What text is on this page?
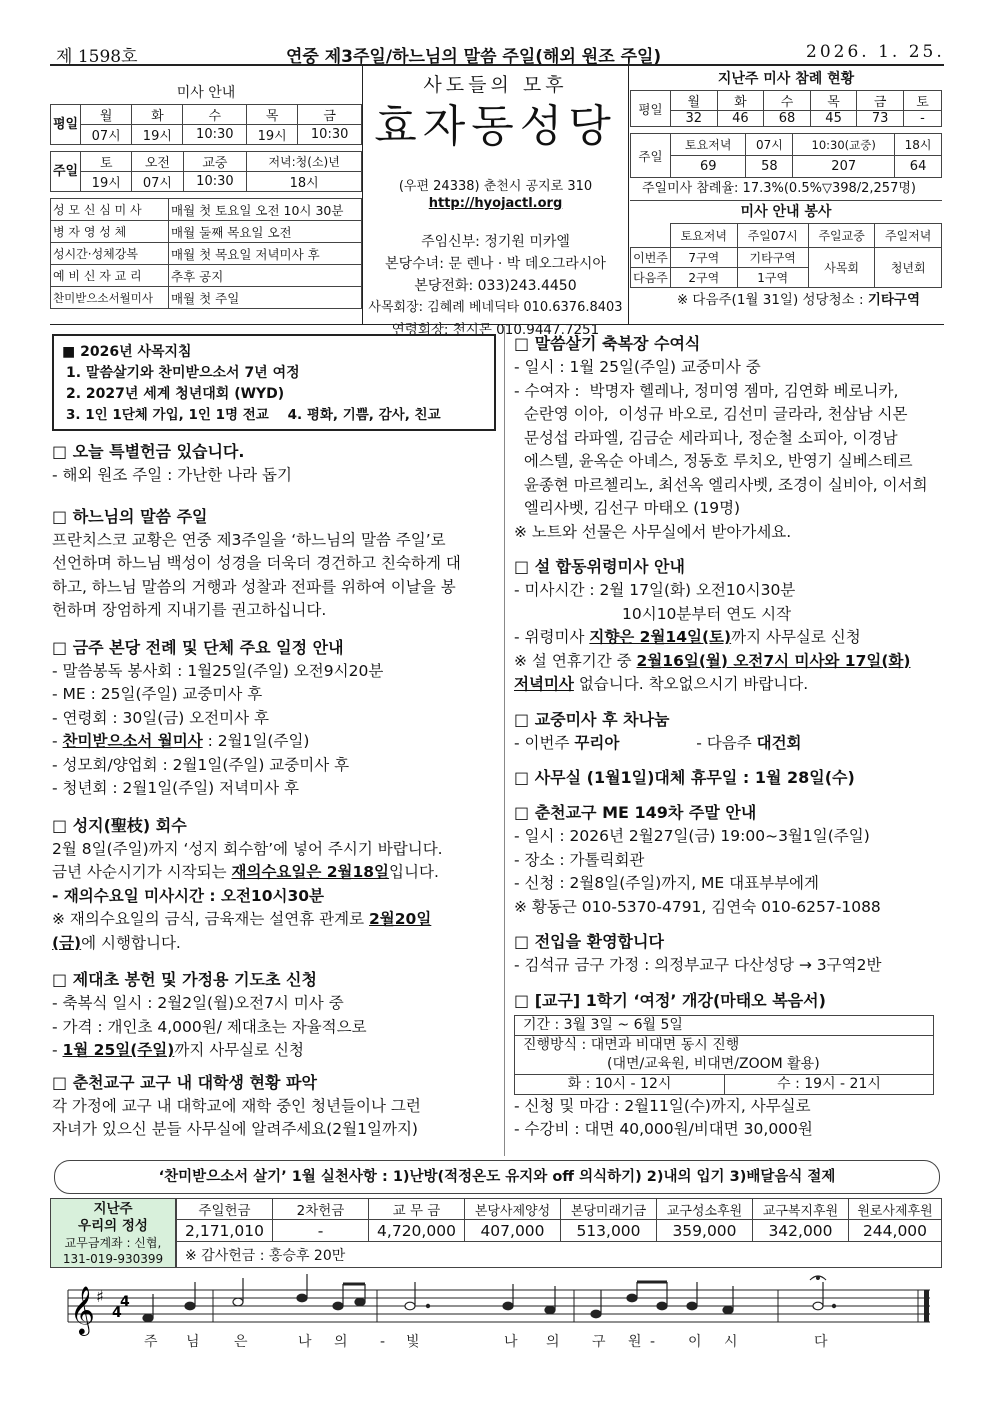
제 1598호	연중 제3주일/하느님의 말씀 주일(해외 원조 주일)	2026. 1. 25.
미사 안내
평일	월	화	수	목	금
	07시	19시	10:30	19시	10:30
주일	토	오전	교중	저녁:청(소)년
	19시	07시	10:30	18시
성 모 신 심 미 사	매월 첫 토요일 오전 10시 30분
병 자 영 성 체	매월 둘째 목요일 오전
성시간·성체강복	매월 첫 목요일 저녁미사 후
예 비 신 자 교 리	추후 공지
찬미받으소서월미사	매월 첫 주일
사도들의 모후
효자동성당
(우편 24338) 춘천시 공지로 310
http://hyojactl.org
주임신부: 정기원 미카엘
본당수녀: 문 렌나 · 박 데오그라시아
본당전화: 033)243.4450
사목회장: 김혜례 베네딕타 010.6376.8403
연령회장: 천시몬 010.9447.7251
지난주 미사 참례 현황
평일	월	화	수	목	금	토
	32	46	68	45	73	-
주일	토요저녁	07시	10:30(교중)	18시
	69	58	207	64
주일미사 참례율: 17.3%(0.5%▽398/2,257명)
미사 안내 봉사
	토요저녁	주일07시	주일교중	주일저녁
이번주	7구역	기타구역	사목회	청년회
다음주	2구역	1구역		
※ 다음주(1월 31일) 성당청소 : 기타구역
■ 2026년 사목지침
1. 말씀살기와 찬미받으소서 7년 여정
2. 2027년 세계 청년대회 (WYD)
3. 1인 1단체 가입, 1인 1명 전교    4. 평화, 기쁨, 감사, 친교
□ 오늘 특별헌금 있습니다.
- 해외 원조 주일 : 가난한 나라 돕기
□ 하느님의 말씀 주일
프란치스코 교황은 연중 제3주일을 ‘하느님의 말씀 주일’로
선언하며 하느님 백성이 성경을 더욱더 경건하고 친숙하게 대
하고, 하느님 말씀의 거행과 성찰과 전파를 위하여 이날을 봉
헌하며 장엄하게 지내기를 권고하십니다.
□ 금주 본당 전례 및 단체 주요 일정 안내
- 말씀봉독 봉사회 : 1월25일(주일) 오전9시20분
- ME : 25일(주일) 교중미사 후
- 연령회 : 30일(금) 오전미사 후
- 찬미받으소서 월미사 : 2월1일(주일)
- 성모회/양업회 : 2월1일(주일) 교중미사 후
- 청년회 : 2월1일(주일) 저녁미사 후
□ 성지(聖枝) 회수
2월 8일(주일)까지 ‘성지 회수함’에 넣어 주시기 바랍니다.
금년 사순시기가 시작되는 재의수요일은 2월18일입니다.
- 재의수요일 미사시간 : 오전10시30분
※ 재의수요일의 금식, 금육재는 설연휴 관계로 2월20일
(금)에 시행합니다.
□ 제대초 봉헌 및 가정용 기도초 신청
- 축복식 일시 : 2월2일(월)오전7시 미사 중
- 가격 : 개인초 4,000원/ 제대초는 자율적으로
- 1월 25일(주일)까지 사무실로 신청
□ 춘천교구 교구 내 대학생 현황 파악
각 가정에 교구 내 대학교에 재학 중인 청년들이나 그런
자녀가 있으신 분들 사무실에 알려주세요(2월1일까지)
□ 말씀살기 축복장 수여식
- 일시 : 1월 25일(주일) 교중미사 중
- 수여자 :  박명자 헬레나, 정미영 젬마, 김연화 베로니카,
순란영 이아,  이성규 바오로, 김선미 글라라, 천삼남 시몬
문성섭 라파엘, 김금순 세라피나, 정순철 소피아, 이경남
에스텔, 윤옥순 아녜스, 정동호 루치오, 반영기 실베스테르
윤종현 마르첼리노, 최선옥 엘리사벳, 조경이 실비아, 이서희
엘리사벳, 김선구 마태오 (19명)
※ 노트와 선물은 사무실에서 받아가세요.
□ 설 합동위령미사 안내
- 미사시간 : 2월 17일(화) 오전10시30분
10시10분부터 연도 시작
- 위령미사 지향은 2월14일(토)까지 사무실로 신청
※ 설 연휴기간 중 2월16일(월) 오전7시 미사와 17일(화)
저녁미사 없습니다. 착오없으시기 바랍니다.
□ 교중미사 후 차나눔
- 이번주 꾸리아	- 다음주 대건회
□ 사무실 (1월1일)대체 휴무일 : 1월 28일(수)
□ 춘천교구 ME 149차 주말 안내
- 일시 : 2026년 2월27일(금) 19:00~3월1일(주일)
- 장소 : 가톨릭회관
- 신청 : 2월8일(주일)까지, ME 대표부부에게
※ 황동근 010-5370-4791, 김연숙 010-6257-1088
□ 전입을 환영합니다
- 김석규 금구 가정 : 의정부교구 다산성당 → 3구역2반
□ [교구] 1학기 ‘여정’ 개강(마태오 복음서)
기간 : 3월 3일 ~ 6월 5일

진행방식 : 대면과 비대면 동시 진행
(대면/교육원, 비대면/ZOOM 활용)

화 : 10시 - 12시	수 : 19시 - 21시
- 신청 및 마감 : 2월11일(수)까지, 사무실로
- 수강비 : 대면 40,000원/비대면 30,000원
‘찬미받으소서 살기’ 1월 실천사항 : 1)난방(적정온도 유지와 off 의식하기) 2)내의 입기 3)배달음식 절제
지난주
우리의 정성
교무금계좌 : 신협,
131-019-930399
주일헌금	2차헌금	교 무 금	본당사제양성	본당미래기금	교구성소후원	교구복지후원	원로사제후원
2,171,010	-	4,720,000	407,000	513,000	359,000	342,000	244,000
※ 감사헌금 : 홍승후 20만							
𝄞 ♯
4
4
주 님 은	나 의 - 빛	나 의 구 원 - 이 시	다
